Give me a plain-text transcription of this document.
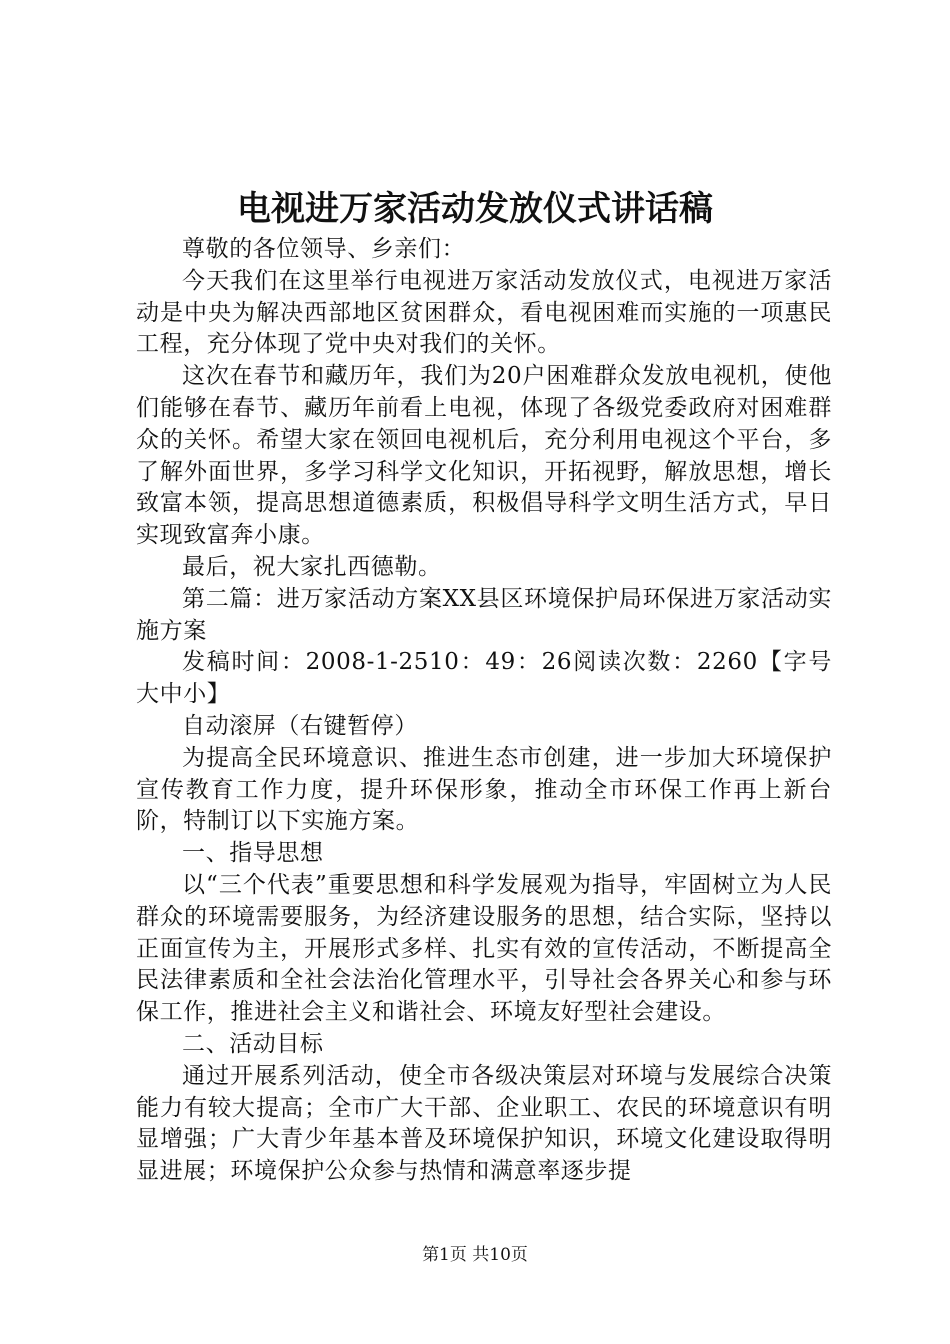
电视进万家活动发放仪式讲话稿

尊敬的各位领导、乡亲们：

今天我们在这里举行电视进万家活动发放仪式，电视进万家活动是中央为解决西部地区贫困群众，看电视困难而实施的一项惠民工程，充分体现了党中央对我们的关怀。

这次在春节和藏历年，我们为20户困难群众发放电视机，使他们能够在春节、藏历年前看上电视，体现了各级党委政府对困难群众的关怀。希望大家在领回电视机后，充分利用电视这个平台，多了解外面世界，多学习科学文化知识，开拓视野，解放思想，增长致富本领，提高思想道德素质，积极倡导科学文明生活方式，早日实现致富奔小康。

最后，祝大家扎西德勒。

第二篇：进万家活动方案XX县区环境保护局环保进万家活动实施方案

发稿时间：2008-1-2510：49：26阅读次数：2260【字号大中小】

自动滚屏（右键暂停）

为提高全民环境意识、推进生态市创建，进一步加大环境保护宣传教育工作力度，提升环保形象，推动全市环保工作再上新台阶，特制订以下实施方案。

一、指导思想

以“三个代表”重要思想和科学发展观为指导，牢固树立为人民群众的环境需要服务，为经济建设服务的思想，结合实际，坚持以正面宣传为主，开展形式多样、扎实有效的宣传活动，不断提高全民法律素质和全社会法治化管理水平，引导社会各界关心和参与环保工作，推进社会主义和谐社会、环境友好型社会建设。

二、活动目标

通过开展系列活动，使全市各级决策层对环境与发展综合决策能力有较大提高；全市广大干部、企业职工、农民的环境意识有明显增强；广大青少年基本普及环境保护知识，环境文化建设取得明显进展；环境保护公众参与热情和满意率逐步提

第1页 共10页
